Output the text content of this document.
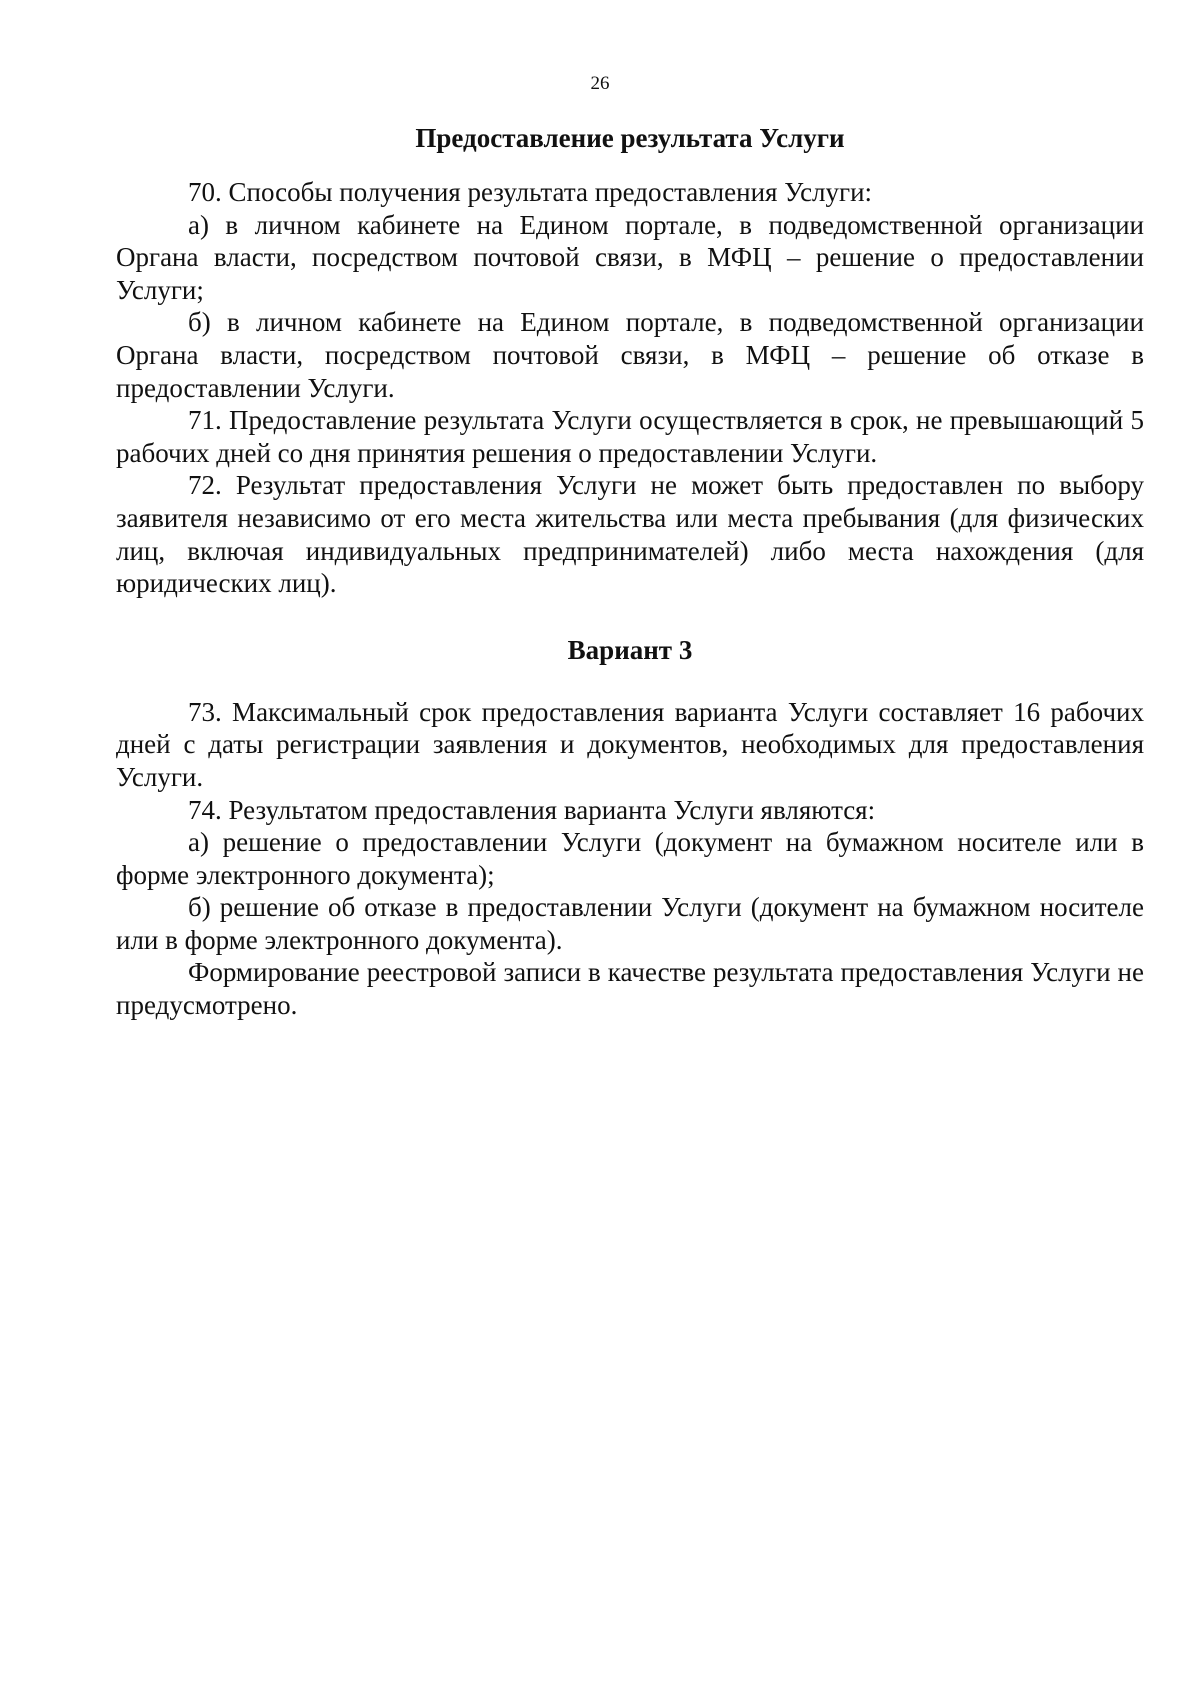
26

Предоставление результата Услуги

70. Способы получения результата предоставления Услуги:

а) в личном кабинете на Едином портале, в подведомственной организации Органа власти, посредством почтовой связи, в МФЦ – решение о предоставлении Услуги;

б) в личном кабинете на Едином портале, в подведомственной организации Органа власти, посредством почтовой связи, в МФЦ – решение об отказе в предоставлении Услуги.

71. Предоставление результата Услуги осуществляется в срок, не превышающий 5 рабочих дней со дня принятия решения о предоставлении Услуги.

72. Результат предоставления Услуги не может быть предоставлен по выбору заявителя независимо от его места жительства или места пребывания (для физических лиц, включая индивидуальных предпринимателей) либо места нахождения (для юридических лиц).

Вариант 3

73. Максимальный срок предоставления варианта Услуги составляет 16 рабочих дней с даты регистрации заявления и документов, необходимых для предоставления Услуги.

74. Результатом предоставления варианта Услуги являются:

а) решение о предоставлении Услуги (документ на бумажном носителе или в форме электронного документа);

б) решение об отказе в предоставлении Услуги (документ на бумажном носителе или в форме электронного документа).

Формирование реестровой записи в качестве результата предоставления Услуги не предусмотрено.
